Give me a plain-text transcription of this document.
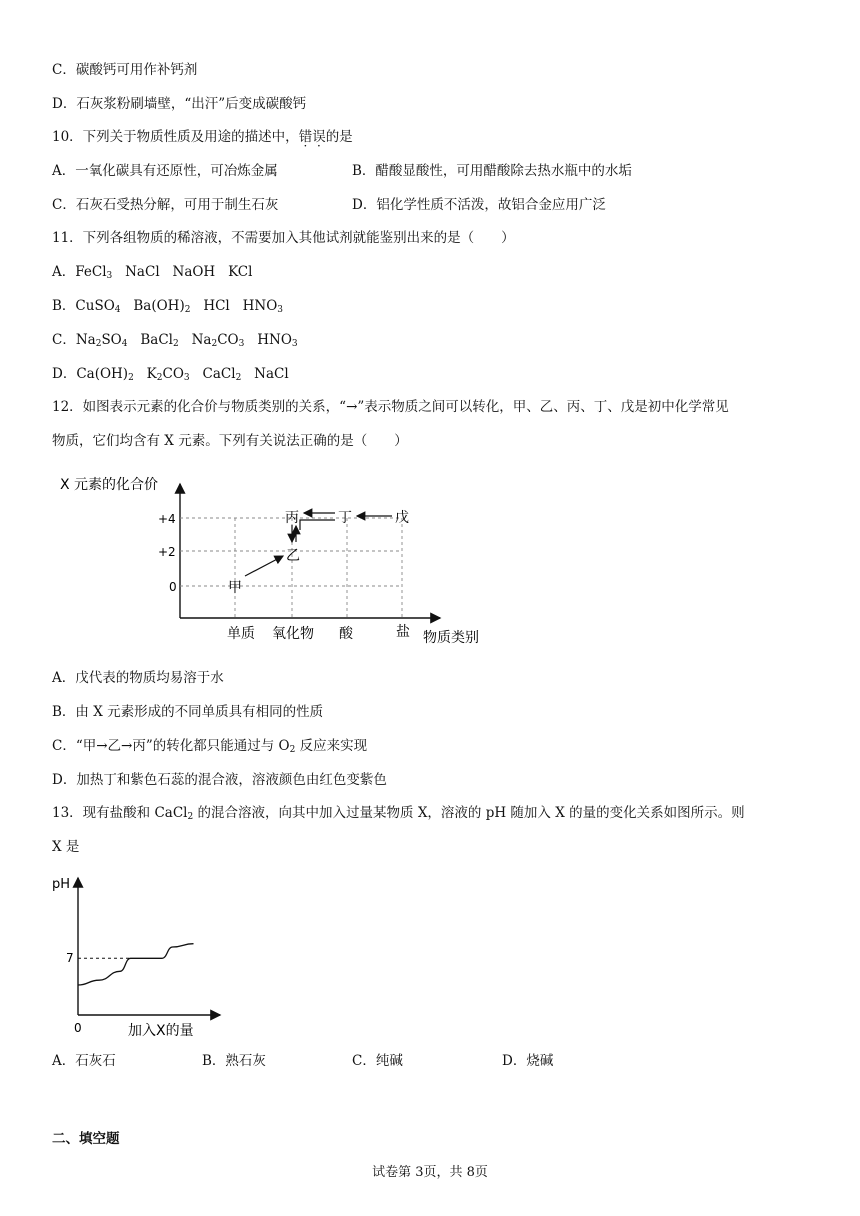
C．碳酸钙可用作补钙剂
D．石灰浆粉刷墙壁，“出汗”后变成碳酸钙
10．下列关于物质性质及用途的描述中，错误的是
A．一氧化碳具有还原性，可冶炼金属	B．醋酸显酸性，可用醋酸除去热水瓶中的水垢
C．石灰石受热分解，可用于制生石灰	D．铝化学性质不活泼，故铝合金应用广泛
11．下列各组物质的稀溶液，不需要加入其他试剂就能鉴别出来的是（　　）
A．FeCl$_3$   NaCl   NaOH   KCl
B．CuSO$_4$   $Ba(OH)_2$   HCl   $HNO_3$
C．$Na_2SO_4$   BaCl$_2$   $Na_2CO_3$   $HNO_3$
D．$Ca(OH)_2$   $K_2CO_3$   CaCl$_2$   NaCl
12．如图表示元素的化合价与物质类别的关系，“→”表示物质之间可以转化，甲、乙、丙、丁、戊是初中化学常见
物质，它们均含有 X 元素。下列有关说法正确的是（　　）
X 元素的化合价
+4
+2
0
单质 氧化物 酸	盐 物质类别
甲
乙
丙	丁	戊
A．戊代表的物质均易溶于水
B．由 X 元素形成的不同单质具有相同的性质
C．“甲→乙→丙”的转化都只能通过与 $O_2$ 反应来实现
D．加热丁和紫色石蕊的混合液，溶液颜色由红色变紫色
13．现有盐酸和 CaCl$_2$ 的混合溶液，向其中加入过量某物质 X，溶液的 pH 随加入 X 的量的变化关系如图所示。则
X 是
pH
0
7
加入X的量
A．石灰石	B．熟石灰	C．纯碱	D．烧碱
二、填空题
试卷第 3页，共 8页
